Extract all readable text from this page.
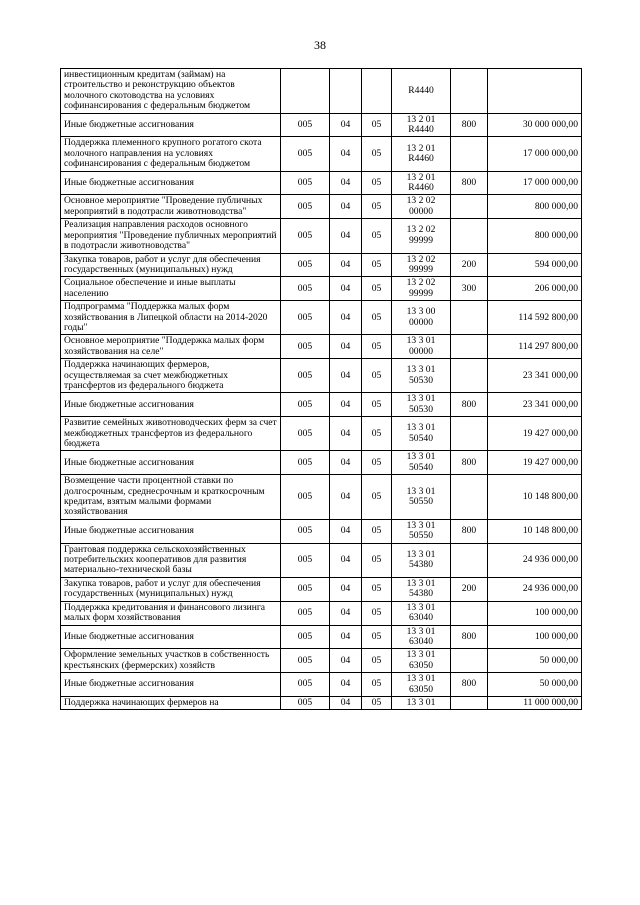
38
инвестиционным кредитам (займам) на строительство и реконструкцию объектов молочного скотоводства на условиях софинансирования с федеральным бюджетом				R4440		
Иные бюджетные ассигнования	005	04	05	13 2 01 R4440	800	30 000 000,00
Поддержка племенного крупного рогатого скота молочного направления на условиях софинансирования с федеральным бюджетом	005	04	05	13 2 01 R4460		17 000 000,00
Иные бюджетные ассигнования	005	04	05	13 2 01 R4460	800	17 000 000,00
Основное мероприятие "Проведение публичных мероприятий в подотрасли животноводства"	005	04	05	13 2 02 00000		800 000,00
Реализация направления расходов основного мероприятия "Проведение публичных мероприятий в подотрасли животноводства"	005	04	05	13 2 02 99999		800 000,00
Закупка товаров, работ и услуг для обеспечения государственных (муниципальных) нужд	005	04	05	13 2 02 99999	200	594 000,00
Социальное обеспечение и иные выплаты населению	005	04	05	13 2 02 99999	300	206 000,00
Подпрограмма "Поддержка малых форм хозяйствования в Липецкой области на 2014-2020 годы"	005	04	05	13 3 00 00000		114 592 800,00
Основное мероприятие "Поддержка малых форм хозяйствования на селе"	005	04	05	13 3 01 00000		114 297 800,00
Поддержка начинающих фермеров, осуществляемая за счет межбюджетных трансфертов из федерального бюджета	005	04	05	13 3 01 50530		23 341 000,00
Иные бюджетные ассигнования	005	04	05	13 3 01 50530	800	23 341 000,00
Развитие семейных животноводческих ферм за счет межбюджетных трансфертов из федерального бюджета	005	04	05	13 3 01 50540		19 427 000,00
Иные бюджетные ассигнования	005	04	05	13 3 01 50540	800	19 427 000,00
Возмещение части процентной ставки по долгосрочным, среднесрочным и краткосрочным кредитам, взятым малыми формами хозяйствования	005	04	05	13 3 01 50550		10 148 800,00
Иные бюджетные ассигнования	005	04	05	13 3 01 50550	800	10 148 800,00
Грантовая поддержка сельскохозяйственных потребительских кооперативов для развития материально-технической базы	005	04	05	13 3 01 54380		24 936 000,00
Закупка товаров, работ и услуг для обеспечения государственных (муниципальных) нужд	005	04	05	13 3 01 54380	200	24 936 000,00
Поддержка кредитования и финансового лизинга малых форм хозяйствования	005	04	05	13 3 01 63040		100 000,00
Иные бюджетные ассигнования	005	04	05	13 3 01 63040	800	100 000,00
Оформление земельных участков в собственность крестьянских (фермерских) хозяйств	005	04	05	13 3 01 63050		50 000,00
Иные бюджетные ассигнования	005	04	05	13 3 01 63050	800	50 000,00
Поддержка начинающих фермеров на	005	04	05	13 3 01		11 000 000,00
